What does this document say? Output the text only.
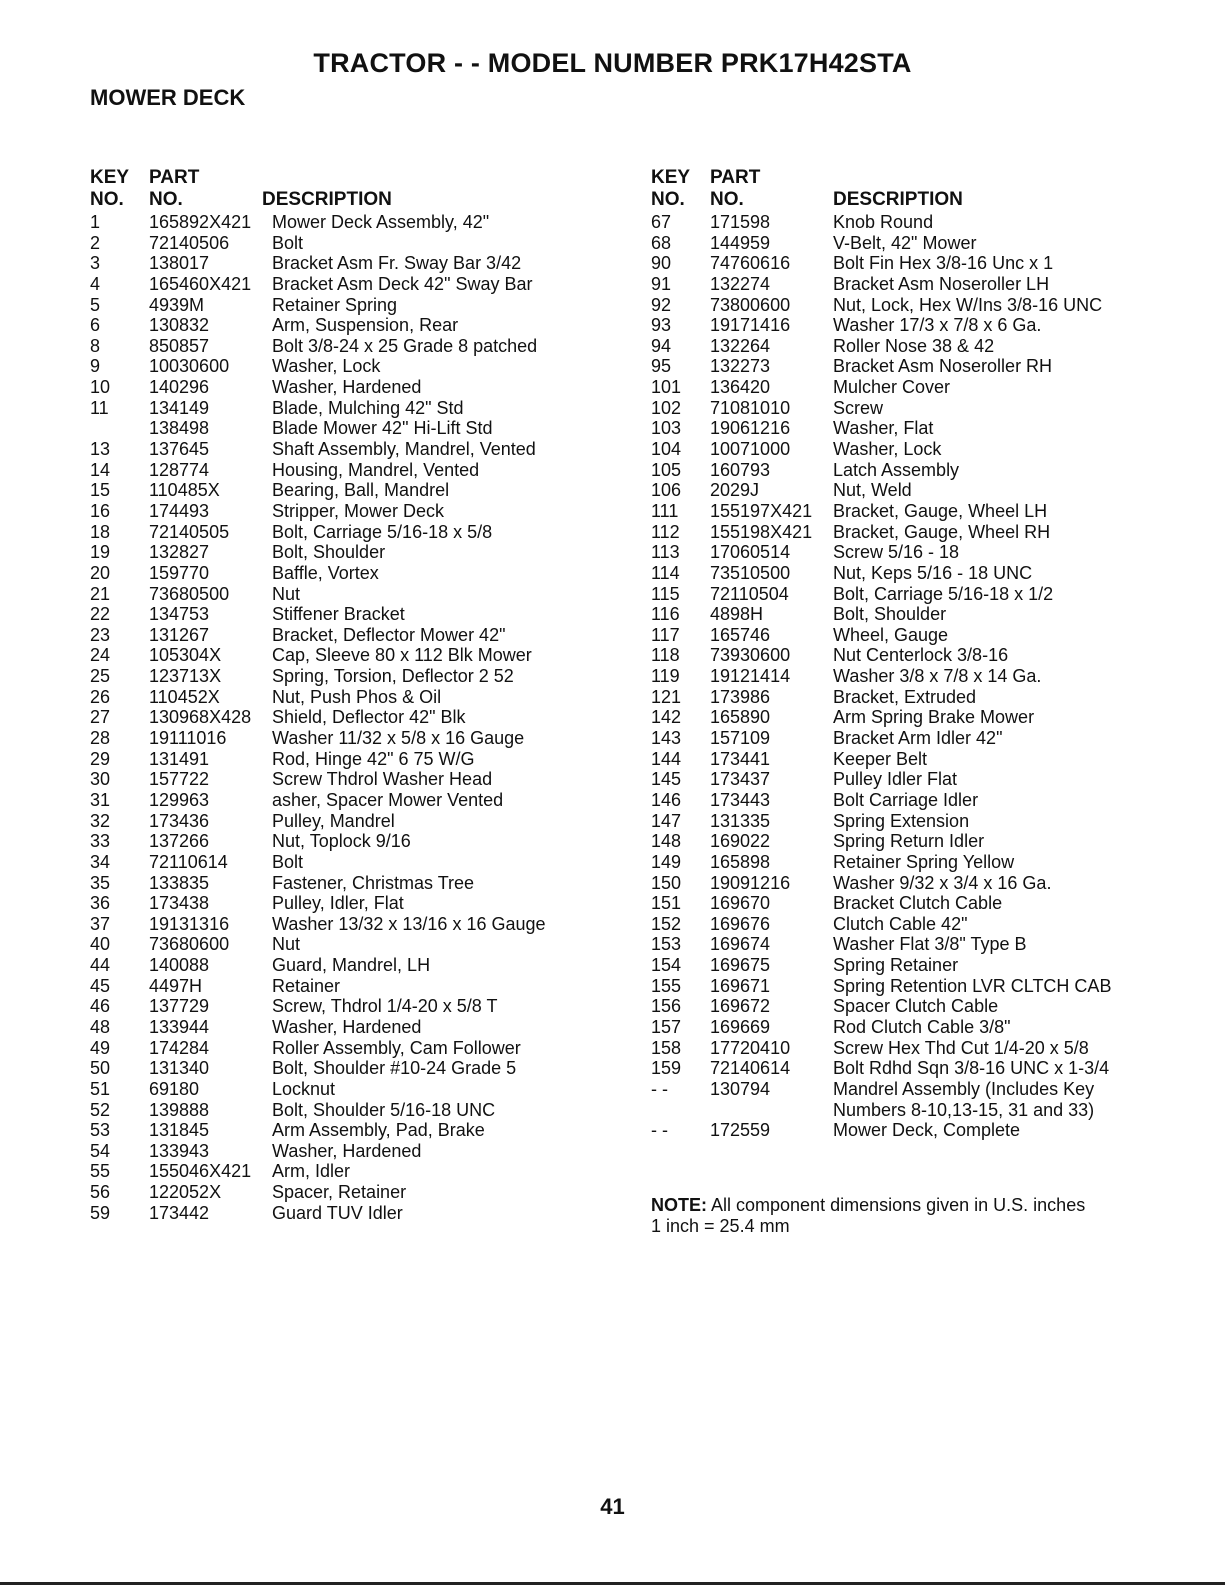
TRACTOR - - MODEL NUMBER PRK17H42STA
MOWER DECK
KEY
NO.
PART
NO.	DESCRIPTION
1	165892X421 Mower Deck Assembly, 42"
2	72140506 Bolt
3	138017	Bracket Asm Fr. Sway Bar 3/42
4	165460X421 Bracket Asm Deck 42" Sway Bar
5	4939M	Retainer Spring
6	130832	Arm, Suspension, Rear
8	850857	Bolt 3/8-24 x 25 Grade 8 patched
9	10030600 Washer, Lock
10 140296	Washer, Hardened
11 134149	Blade, Mulching 42" Std
138498	Blade Mower 42" Hi-Lift Std
13 137645	Shaft Assembly, Mandrel, Vented
14 128774	Housing, Mandrel, Vented
15 110485X	Bearing, Ball, Mandrel
16 174493	Stripper, Mower Deck
18 72140505 Bolt, Carriage 5/16-18 x 5/8
19 132827	Bolt, Shoulder
20 159770	Baffle, Vortex
21 73680500 Nut
22 134753	Stiffener Bracket
23 131267	Bracket, Deflector Mower 42"
24 105304X	Cap, Sleeve 80 x 112 Blk Mower
25 123713X	Spring, Torsion, Deflector 2 52
26 110452X	Nut, Push Phos & Oil
27 130968X428 Shield, Deflector 42" Blk
28 19111016	Washer 11/32 x 5/8 x 16 Gauge
29 131491	Rod, Hinge 42" 6 75 W/G
30 157722	Screw Thdrol Washer Head
31 129963	asher, Spacer Mower Vented
32 173436	Pulley, Mandrel
33 137266	Nut, Toplock 9/16
34 72110614 Bolt
35 133835	Fastener, Christmas Tree
36 173438	Pulley, Idler, Flat
37 19131316 Washer 13/32 x 13/16 x 16 Gauge
40 73680600 Nut
44 140088	Guard, Mandrel, LH
45 4497H	Retainer
46 137729	Screw, Thdrol 1/4-20 x 5/8 T
48 133944	Washer, Hardened
49 174284	Roller Assembly, Cam Follower
50 131340	Bolt, Shoulder #10-24 Grade 5
51 69180	Locknut
52 139888	Bolt, Shoulder 5/16-18 UNC
53 131845	Arm Assembly, Pad, Brake
54 133943	Washer, Hardened
55 155046X421 Arm, Idler
56 122052X	Spacer, Retainer
59 173442	Guard TUV Idler
KEY
NO.
PART
NO.	DESCRIPTION
67 171598	Knob Round
68 144959	V-Belt, 42" Mower
90 74760616 Bolt Fin Hex 3/8-16 Unc x 1
91 132274	Bracket Asm Noseroller LH
92 73800600 Nut, Lock, Hex W/Ins 3/8-16 UNC
93 19171416 Washer 17/3 x 7/8 x 6 Ga.
94 132264	Roller Nose 38 & 42
95 132273	Bracket Asm Noseroller RH
101 136420	Mulcher Cover
102 71081010 Screw
103 19061216 Washer, Flat
104 10071000 Washer, Lock
105 160793	Latch Assembly
106 2029J	Nut, Weld
111 155197X421 Bracket, Gauge, Wheel LH
112 155198X421 Bracket, Gauge, Wheel RH
113 17060514 Screw 5/16 - 18
114 73510500 Nut, Keps 5/16 - 18 UNC
115 72110504 Bolt, Carriage 5/16-18 x 1/2
116 4898H	Bolt, Shoulder
117 165746	Wheel, Gauge
118 73930600 Nut Centerlock 3/8-16
119 19121414 Washer 3/8 x 7/8 x 14 Ga.
121 173986	Bracket, Extruded
142 165890	Arm Spring Brake Mower
143 157109	Bracket Arm Idler 42"
144 173441	Keeper Belt
145 173437	Pulley Idler Flat
146 173443	Bolt Carriage Idler
147 131335	Spring Extension
148 169022	Spring Return Idler
149 165898	Retainer Spring Yellow
150 19091216 Washer 9/32 x 3/4 x 16 Ga.
151 169670	Bracket Clutch Cable
152 169676	Clutch Cable 42"
153 169674	Washer Flat 3/8" Type B
154 169675	Spring Retainer
155 169671	Spring Retention LVR CLTCH CAB
156 169672	Spacer Clutch Cable
157 169669	Rod Clutch Cable 3/8"
158 17720410 Screw Hex Thd Cut 1/4-20 x 5/8
159 72140614 Bolt Rdhd Sqn 3/8-16 UNC x 1-3/4
- - 130794	Mandrel Assembly (Includes Key
Numbers 8-10,13-15, 31 and 33)
- - 172559	Mower Deck, Complete
NOTE: All component dimensions given in U.S. inches
1 inch = 25.4 mm
41
